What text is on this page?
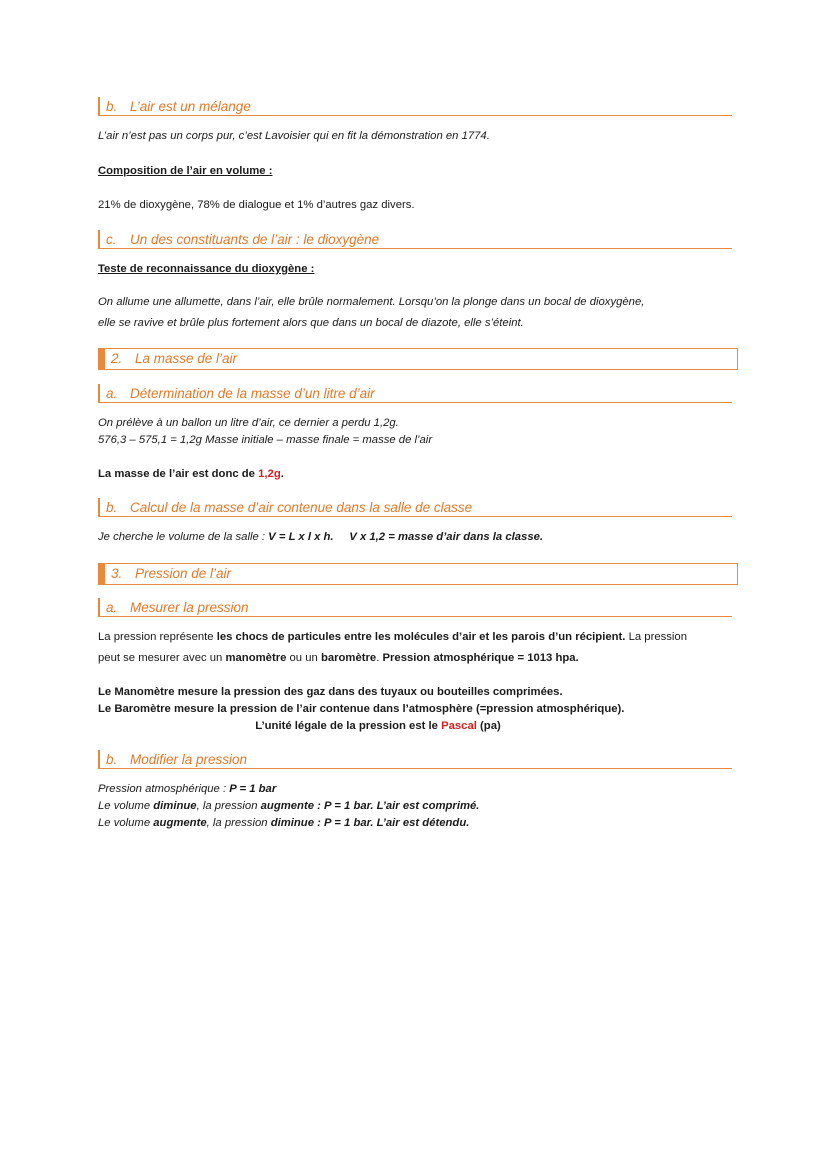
b. L’air est un mélange
L’air n’est pas un corps pur, c’est Lavoisier qui en fit la démonstration en 1774.
Composition de l’air en volume :
21% de dioxygène, 78% de dialogue et 1% d’autres gaz divers.
c. Un des constituants de l’air : le dioxygène
Teste de reconnaissance du dioxygène :
On allume une allumette, dans l’air, elle brûle normalement. Lorsqu’on la plonge dans un bocal de dioxygène,
elle se ravive et brûle plus fortement alors que dans un bocal de diazote, elle s’éteint.
2. La masse de l’air
a. Détermination de la masse d’un litre d’air
On prélève à un ballon un litre d’air, ce dernier a perdu 1,2g.
576,3 – 575,1 = 1,2g Masse initiale – masse finale = masse de l’air
La masse de l’air est donc de 1,2g.
b. Calcul de la masse d’air contenue dans la salle de classe
Je cherche le volume de la salle : V = L x l x h. V x 1,2 = masse d’air dans la classe.
3. Pression de l’air
a. Mesurer la pression
La pression représente les chocs de particules entre les molécules d’air et les parois d’un récipient. La pression
peut se mesurer avec un manomètre ou un baromètre. Pression atmosphérique = 1013 hpa.
Le Manomètre mesure la pression des gaz dans des tuyaux ou bouteilles comprimées.
Le Baromètre mesure la pression de l’air contenue dans l’atmosphère (=pression atmosphérique).
L’unité légale de la pression est le Pascal (pa)
b. Modifier la pression
Pression atmosphérique : P = 1 bar
Le volume diminue, la pression augmente : P = 1 bar. L’air est comprimé.
Le volume augmente, la pression diminue : P = 1 bar. L’air est détendu.
